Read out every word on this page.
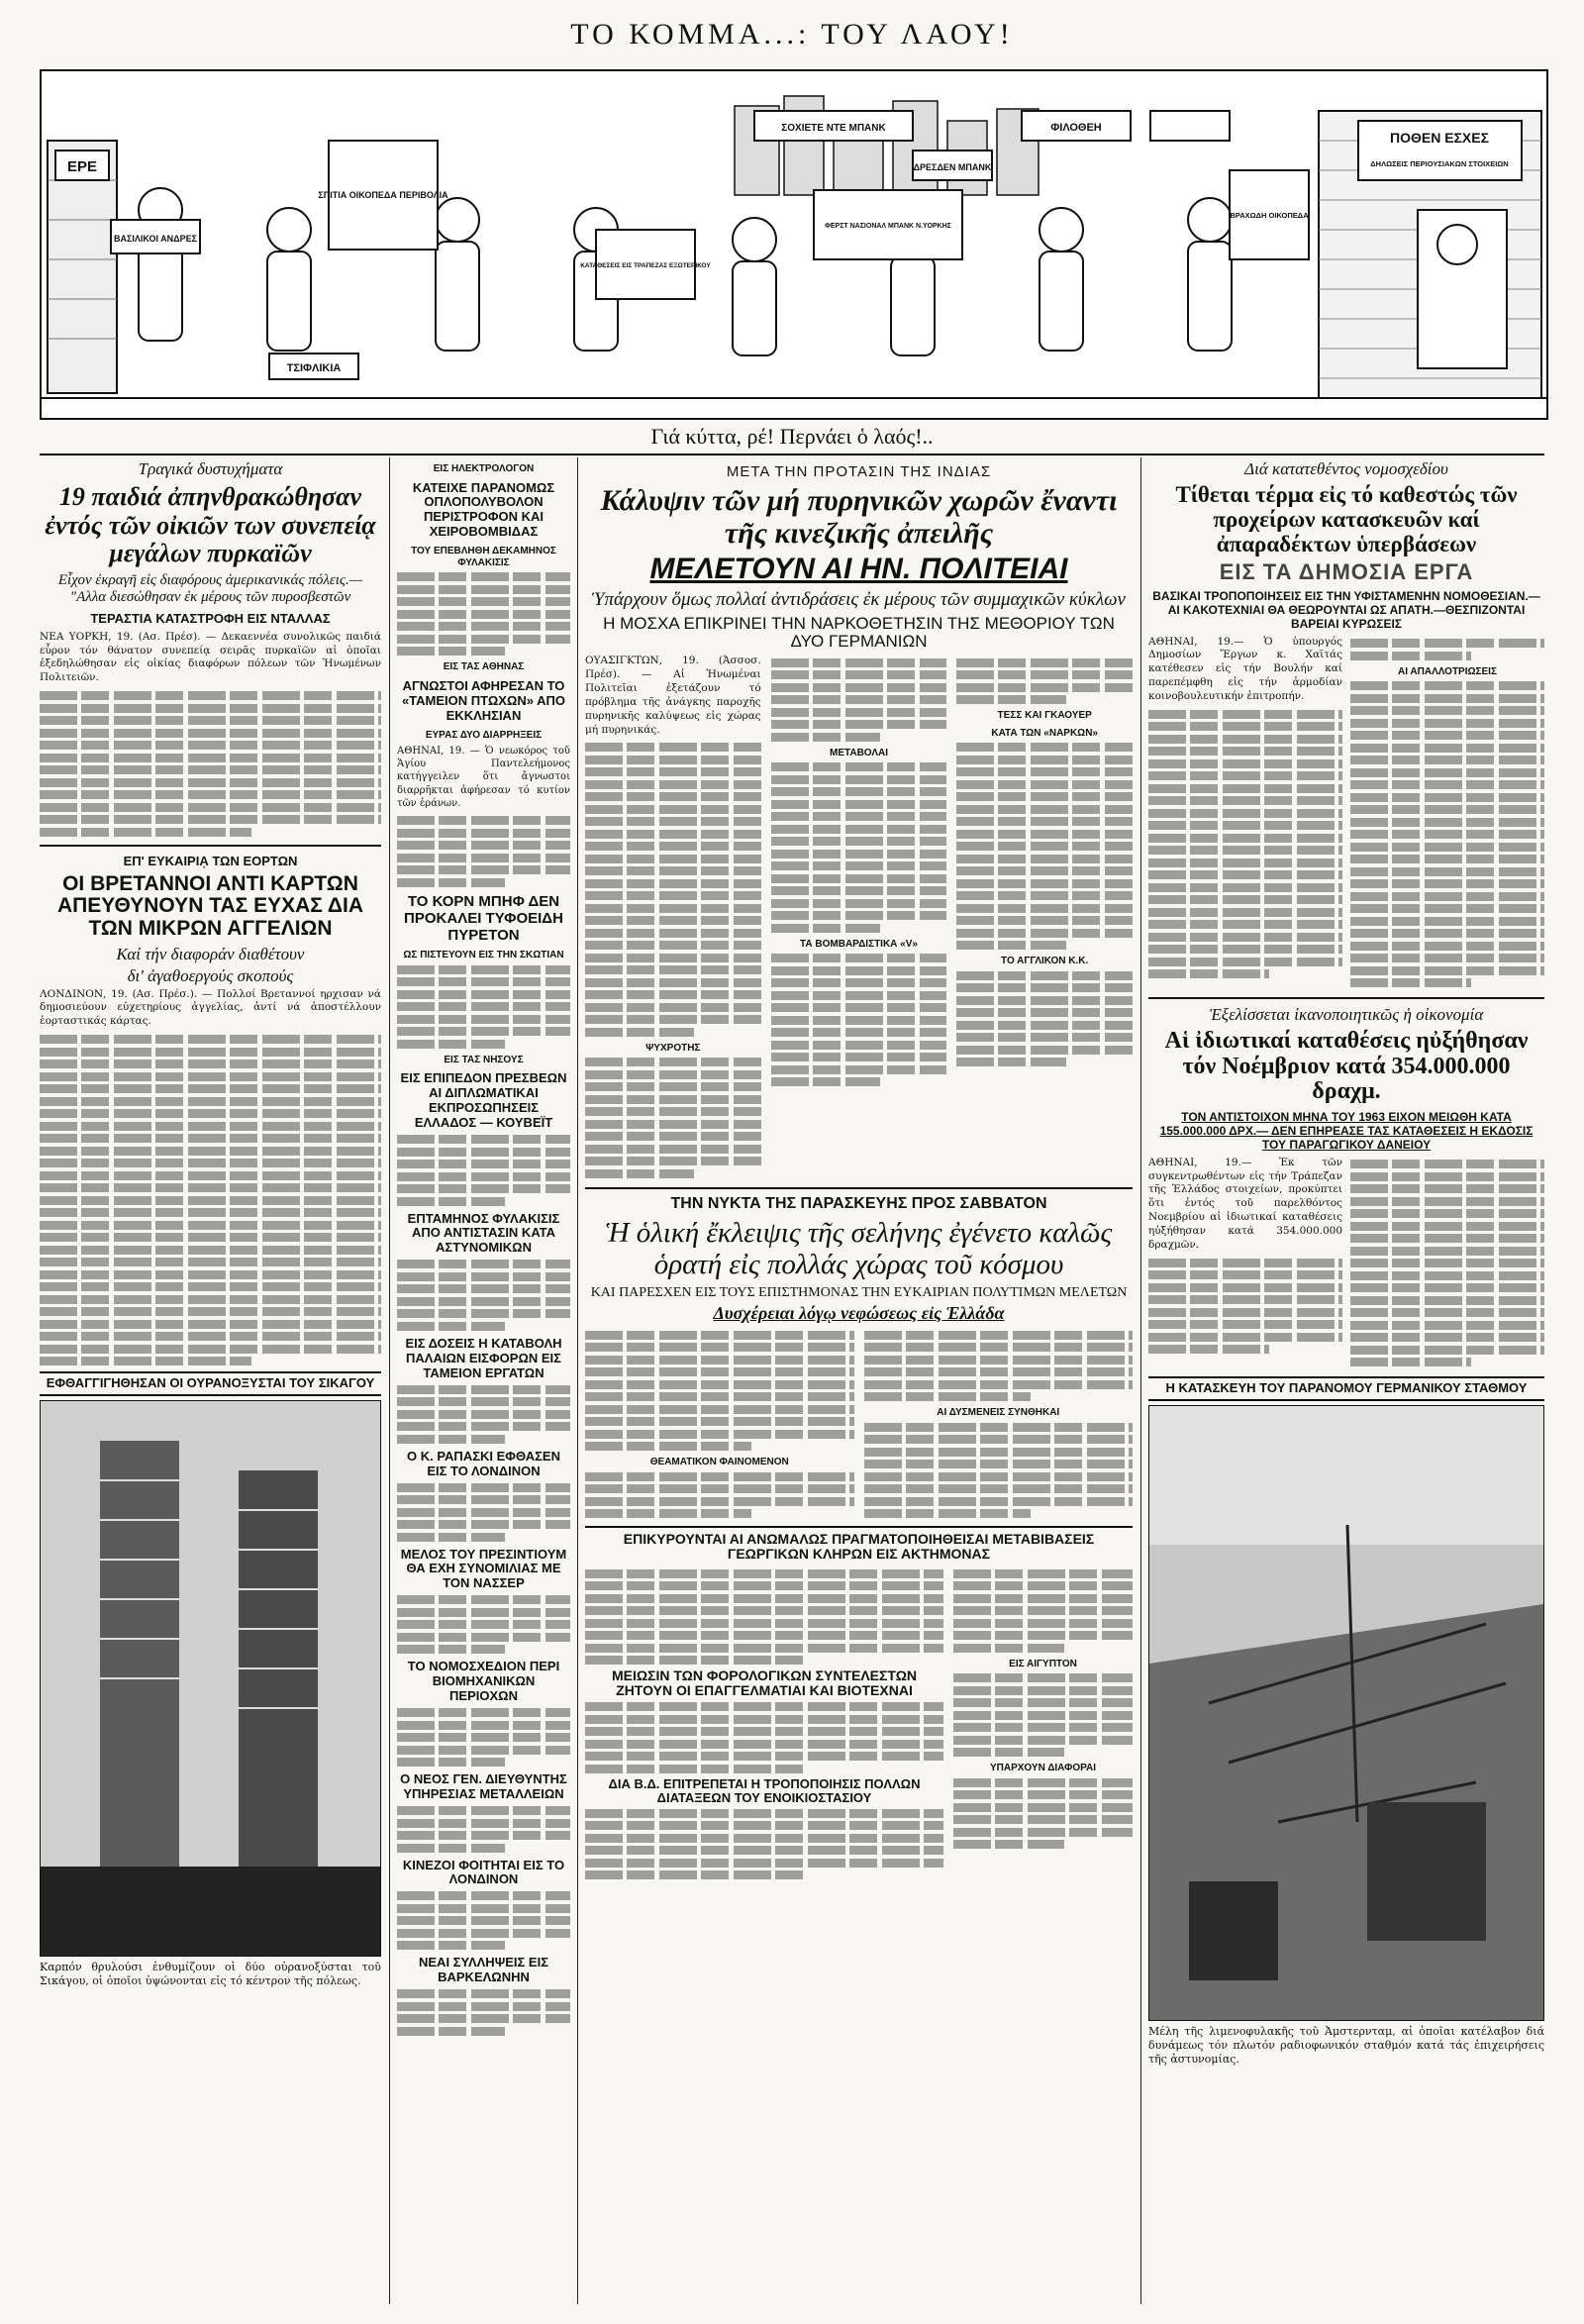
ΤΟ ΚΟΜΜΑ...: ΤΟΥ ΛΑΟΥ!
ΕΡΕ
ΒΑΣΙΛΙΚΟΙ ΑΝΔΡΕΣ
ΣΠΙΤΙΑ ΟΙΚΟΠΕΔΑ ΠΕΡΙΒΟΛΙΑ
ΤΣΙΦΛΙΚΙΑ
ΚΑΤΑΘΕΣΕΙΣ ΕΙΣ ΤΡΑΠΕΖΑΣ ΕΞΩΤΕΡΙΚΟΥ
ΣΟΧΙΕΤΕ ΝΤΕ ΜΠΑΝΚ
ΦΕΡΣΤ ΝΑΣΙΟΝΑΛ ΜΠΑΝΚ Ν.ΥΟΡΚΗΣ
ΔΡΕΣΔΕΝ ΜΠΑΝΚ
ΦΙΛΟΘΕΗ
ΒΡΑΧΩΔΗ ΟΙΚΟΠΕΔΑ
ΠΟΘΕΝ ΕΣΧΕΣ
ΔΗΛΩΣΕΙΣ ΠΕΡΙΟΥΣΙΑΚΩΝ ΣΤΟΙΧΕΙΩΝ
Γιά κύττα, ρέ! Περνάει ὁ λαός!..
Τραγικά δυστυχήματα
19 παιδιά ἀπηνθρακώθησαν ἐντός τῶν οἰκιῶν των συνεπείᾳ μεγάλων πυρκαϊῶν
Εἶχον ἐκραγῆ εἰς διαφόρους ἀμερικανικάς πόλεις.— "Αλλα διεσώθησαν ἐκ μέρους τῶν πυροσβεστῶν
ΤΕΡΑΣΤΙΑ ΚΑΤΑΣΤΡΟΦΗ ΕΙΣ ΝΤΑΛΛΑΣ
ΝΕΑ ΥΟΡΚΗ, 19. (Ασ. Πρέσ). — Δεκαεννέα συνολικῶς παιδιά εὗρον τόν θάνατον συνεπείᾳ σειρᾶς πυρκαϊῶν αἱ ὁποῖαι ἐξεδηλώθησαν εἰς οἰκίας διαφόρων πόλεων τῶν Ἡνωμένων Πολιτειῶν.
ΕΠ' ΕΥΚΑΙΡΙᾼ ΤΩΝ ΕΟΡΤΩΝ
ΟΙ ΒΡΕΤΑΝΝΟΙ ΑΝΤΙ ΚΑΡΤΩΝ ΑΠΕΥΘΥΝΟΥΝ ΤΑΣ ΕΥΧΑΣ ΔΙΑ ΤΩΝ ΜΙΚΡΩΝ ΑΓΓΕΛΙΩΝ
Καί τήν διαφοράν διαθέτουν
δι' ἀγαθοεργούς σκοπούς
ΛΟΝΔΙΝΟΝ, 19. (Ασ. Πρέσ.). — Πολλοί Βρεταννοί ηρχισαν νά δημοσιεύουν εὐχετηρίους ἀγγελίας, ἀντί νά ἀποστέλλουν ἑορταστικάς κάρτας.
ΕΦΘΑΓΓΙΓΗΘΗΣΑΝ ΟΙ ΟΥΡΑΝΟΞΥΣΤΑΙ ΤΟΥ ΣΙΚΑΓΟΥ
Καρπόν θρυλούσι ἐνθυμίζουν οἱ δύο οὐρανοξύσται τοῦ Σικάγου, οἱ ὁποῖοι ὑψώνονται εἰς τό κέντρον τῆς πόλεως.
ΕΙΣ ΗΛΕΚΤΡΟΛΟΓΟΝ
ΚΑΤΕΙΧΕ ΠΑΡΑΝΟΜΩΣ ΟΠΛΟΠΟΛΥΒΟΛΟΝ ΠΕΡΙΣΤΡΟΦΟΝ ΚΑΙ ΧΕΙΡΟΒΟΜΒΙΔΑΣ
ΤΟΥ ΕΠΕΒΛΗΘΗ ΔΕΚΑΜΗΝΟΣ ΦΥΛΑΚΙΣΙΣ
ΕΙΣ ΤΑΣ ΑΘΗΝΑΣ
ΑΓΝΩΣΤΟΙ ΑΦΗΡΕΣΑΝ ΤΟ «ΤΑΜΕΙΟΝ ΠΤΩΧΩΝ» ΑΠΟ ΕΚΚΛΗΣΙΑΝ
ΕΥΡΑΣ ΔΥΟ ΔΙΑΡΡΗΞΕΙΣ
ΑΘΗΝΑΙ, 19. — Ὁ νεωκόρος τοῦ Ἁγίου Παντελεήμονος κατήγγειλεν ὅτι ἄγνωστοι διαρρῆκται ἀφήρεσαν τό κυτίον τῶν ἐράνων.
ΤΟ ΚΟΡΝ ΜΠΗΦ ΔΕΝ ΠΡΟΚΑΛΕΙ ΤΥΦΟΕΙΔΗ ΠΥΡΕΤΟΝ
ΩΣ ΠΙΣΤΕΥΟΥΝ ΕΙΣ ΤΗΝ ΣΚΩΤΙΑΝ
ΕΙΣ ΤΑΣ ΝΗΣΟΥΣ
ΕΙΣ ΕΠΙΠΕΔΟΝ ΠΡΕΣΒΕΩΝ ΑΙ ΔΙΠΛΩΜΑΤΙΚΑΙ ΕΚΠΡΟΣΩΠΗΣΕΙΣ ΕΛΛΑΔΟΣ — ΚΟΥΒΕΪΤ
ΕΠΤΑΜΗΝΟΣ ΦΥΛΑΚΙΣΙΣ ΑΠΟ ΑΝΤΙΣΤΑΣΙΝ ΚΑΤΑ ΑΣΤΥΝΟΜΙΚΩΝ
ΕΙΣ ΔΟΣΕΙΣ Η ΚΑΤΑΒΟΛΗ ΠΑΛΑΙΩΝ ΕΙΣΦΟΡΩΝ ΕΙΣ ΤΑΜΕΙΟΝ ΕΡΓΑΤΩΝ
Ο Κ. ΡΑΠΑΣΚΙ ΕΦΘΑΣΕΝ ΕΙΣ ΤΟ ΛΟΝΔΙΝΟΝ
ΜΕΛΟΣ ΤΟΥ ΠΡΕΣΙΝΤΙΟΥΜ ΘΑ ΕΧΗ ΣΥΝΟΜΙΛΙΑΣ ΜΕ ΤΟΝ ΝΑΣΣΕΡ
ΤΟ ΝΟΜΟΣΧΕΔΙΟΝ ΠΕΡΙ ΒΙΟΜΗΧΑΝΙΚΩΝ ΠΕΡΙΟΧΩΝ
Ο ΝΕΟΣ ΓΕΝ. ΔΙΕΥΘΥΝΤΗΣ ΥΠΗΡΕΣΙΑΣ ΜΕΤΑΛΛΕΙΩΝ
ΚΙΝΕΖΟΙ ΦΟΙΤΗΤΑΙ ΕΙΣ ΤΟ ΛΟΝΔΙΝΟΝ
ΝΕΑΙ ΣΥΛΛΗΨΕΙΣ ΕΙΣ ΒΑΡΚΕΛΩΝΗΝ
ΜΕΤΑ ΤΗΝ ΠΡΟΤΑΣΙΝ ΤΗΣ ΙΝΔΙΑΣ
Κάλυψιν τῶν μή πυρηνικῶν χωρῶν ἔναντι τῆς κινεζικῆς ἀπειλῆς
ΜΕΛΕΤΟΥΝ ΑΙ ΗΝ. ΠΟΛΙΤΕΙΑΙ
Ὑπάρχουν ὅμως πολλαί ἀντιδράσεις ἐκ μέρους τῶν συμμαχικῶν κύκλων
Η ΜΟΣΧΑ ΕΠΙΚΡΙΝΕΙ ΤΗΝ ΝΑΡΚΟΘΕΤΗΣΙΝ ΤΗΣ ΜΕΘΟΡΙΟΥ ΤΩΝ ΔΥΟ ΓΕΡΜΑΝΙΩΝ
ΟΥΑΣΙΓΚΤΩΝ, 19. (Ἀσσοσ. Πρέσ). — Αἱ Ἡνωμέναι Πολιτεῖαι ἐξετάζουν τό πρόβλημα τῆς ἀνάγκης παροχῆς πυρηνικῆς καλύψεως εἰς χώρας μή πυρηνικάς.
ΨΥΧΡΟΤΗΣ
ΜΕΤΑΒΟΛΑΙ
ΤΑ ΒΟΜΒΑΡΔΙΣΤΙΚΑ «V»
ΤΕΣΣ ΚΑΙ ΓΚΑΟΥΕΡ
ΚΑΤΑ ΤΩΝ «ΝΑΡΚΩΝ»
ΤΟ ΑΓΓΛΙΚΟΝ Κ.Κ.
ΤΗΝ ΝΥΚΤΑ ΤΗΣ ΠΑΡΑΣΚΕΥΗΣ ΠΡΟΣ ΣΑΒΒΑΤΟΝ
Ἡ ὁλική ἔκλειψις τῆς σελήνης ἐγένετο καλῶς ὁρατή εἰς πολλάς χώρας τοῦ κόσμου
ΚΑΙ ΠΑΡΕΣΧΕΝ ΕΙΣ ΤΟΥΣ ΕΠΙΣΤΗΜΟΝΑΣ ΤΗΝ ΕΥΚΑΙΡΙΑΝ ΠΟΛΥΤΙΜΩΝ ΜΕΛΕΤΩΝ
Δυσχέρειαι λόγῳ νεφώσεως εἰς Ἑλλάδα
ΘΕΑΜΑΤΙΚΟΝ ΦΑΙΝΟΜΕΝΟΝ
ΑΙ ΔΥΣΜΕΝΕΙΣ ΣΥΝΘΗΚΑΙ
ΕΠΙΚΥΡΟΥΝΤΑΙ ΑΙ ΑΝΩΜΑΛΩΣ ΠΡΑΓΜΑΤΟΠΟΙΗΘΕΙΣΑΙ ΜΕΤΑΒΙΒΑΣΕΙΣ ΓΕΩΡΓΙΚΩΝ ΚΛΗΡΩΝ ΕΙΣ ΑΚΤΗΜΟΝΑΣ
ΜΕΙΩΣΙΝ ΤΩΝ ΦΟΡΟΛΟΓΙΚΩΝ ΣΥΝΤΕΛΕΣΤΩΝ ΖΗΤΟΥΝ ΟΙ ΕΠΑΓΓΕΛΜΑΤΙΑΙ ΚΑΙ ΒΙΟΤΕΧΝΑΙ
ΔΙΑ Β.Δ. ΕΠΙΤΡΕΠΕΤΑΙ Η ΤΡΟΠΟΠΟΙΗΣΙΣ ΠΟΛΛΩΝ ΔΙΑΤΑΞΕΩΝ ΤΟΥ ΕΝΟΙΚΙΟΣΤΑΣΙΟΥ
ΕΙΣ ΑΙΓΥΠΤΟΝ
ΥΠΑΡΧΟΥΝ ΔΙΑΦΟΡΑΙ
Διά κατατεθέντος νομοσχεδίου
Τίθεται τέρμα εἰς τό καθεστώς τῶν προχείρων κατασκευῶν καί ἀπαραδέκτων ὑπερβάσεων
ΕΙΣ ΤΑ ΔΗΜΟΣΙΑ ΕΡΓΑ
ΒΑΣΙΚΑΙ ΤΡΟΠΟΠΟΙΗΣΕΙΣ ΕΙΣ ΤΗΝ ΥΦΙΣΤΑΜΕΝΗΝ ΝΟΜΟΘΕΣΙΑΝ.— ΑΙ ΚΑΚΟΤΕΧΝΙΑΙ ΘΑ ΘΕΩΡΟΥΝΤΑΙ ΩΣ ΑΠΑΤΗ.—ΘΕΣΠΙΖΟΝΤΑΙ ΒΑΡΕΙΑΙ ΚΥΡΩΣΕΙΣ
ΑΘΗΝΑΙ, 19.— Ὁ ὑπουργός Δημοσίων Ἔργων κ. Χαϊτάς κατέθεσεν εἰς τήν Βουλήν καί παρεπέμφθη εἰς τήν ἁρμοδίαν κοινοβουλευτικήν ἐπιτροπήν.
ΑΙ ΑΠΑΛΛΟΤΡΙΩΣΕΙΣ
Ἐξελίσσεται ἱκανοποιητικῶς ἡ οἰκονομία
Αἱ ἰδιωτικαί καταθέσεις ηὐξήθησαν τόν Νοέμβριον κατά 354.000.000 δραχμ.
ΤΟΝ ΑΝΤΙΣΤΟΙΧΟΝ ΜΗΝΑ ΤΟΥ 1963 ΕΙΧΟΝ ΜΕΙΩΘΗ ΚΑΤΑ 155.000.000 ΔΡΧ.— ΔΕΝ ΕΠΗΡΕΑΣΕ ΤΑΣ ΚΑΤΑΘΕΣΕΙΣ Η ΕΚΔΟΣΙΣ ΤΟΥ ΠΑΡΑΓΩΓΙΚΟΥ ΔΑΝΕΙΟΥ
ΑΘΗΝΑΙ, 19.— Ἐκ τῶν συγκεντρωθέντων εἰς τήν Τράπεζαν τῆς Ἑλλάδος στοιχείων, προκύπτει ὅτι ἐντός τοῦ παρελθόντος Νοεμβρίου αἱ ἰδιωτικαί καταθέσεις ηὐξήθησαν κατά 354.000.000 δραχμῶν.
Η ΚΑΤΑΣΚΕΥΗ ΤΟΥ ΠΑΡΑΝΟΜΟΥ ΓΕΡΜΑΝΙΚΟΥ ΣΤΑΘΜΟΥ
Μέλη τῆς λιμενοφυλακῆς τοῦ Ἀμστερνταμ, αἱ ὁποῖαι κατέλαβον διά δυνάμεως τόν πλωτόν ραδιοφωνικόν σταθμόν κατά τάς ἐπιχειρήσεις τῆς ἀστυνομίας.
